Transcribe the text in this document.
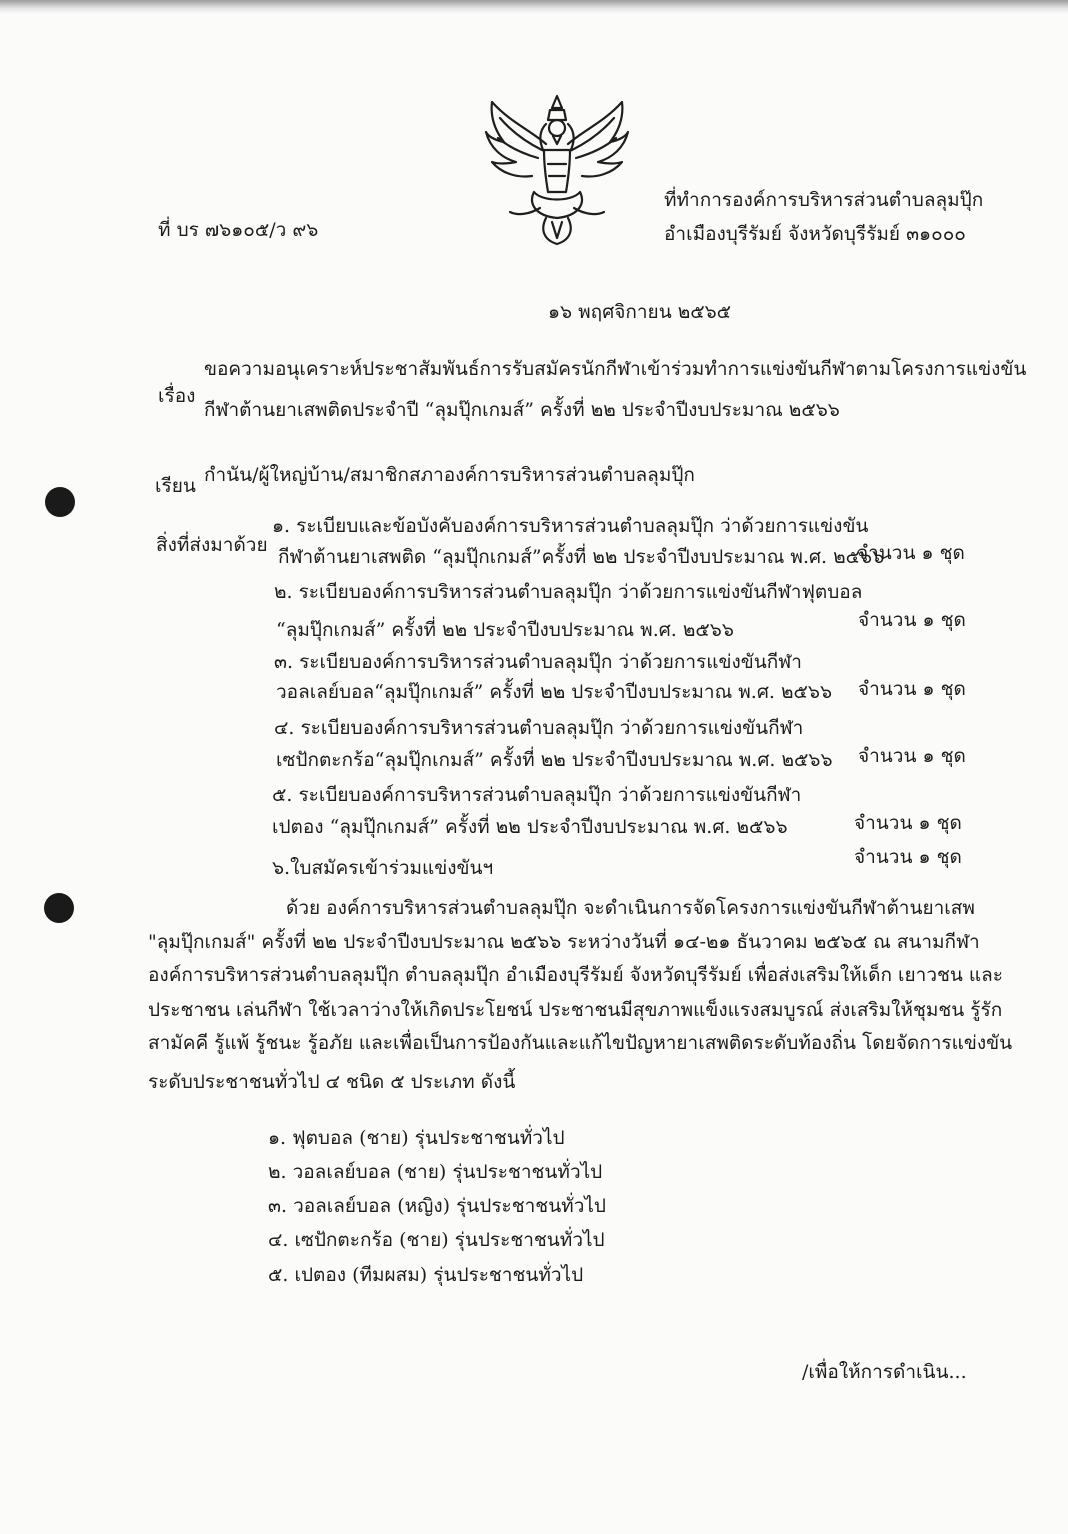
ที่ บร ๗๖๑๐๕/ว ๙๖
ที่ทำการองค์การบริหารส่วนตำบลลุมปุ๊ก
อำเมืองบุรีรัมย์ จังหวัดบุรีรัมย์ ๓๑๐๐๐
๑๖ พฤศจิกายน ๒๕๖๕
เรื่อง
ขอความอนุเคราะห์ประชาสัมพันธ์การรับสมัครนักกีฬาเข้าร่วมทำการแข่งขันกีฬาตามโครงการแข่งขัน
กีฬาต้านยาเสพติดประจำปี “ลุมปุ๊กเกมส์” ครั้งที่ ๒๒ ประจำปีงบประมาณ ๒๕๖๖
เรียน กำนัน/ผู้ใหญ่บ้าน/สมาชิกสภาองค์การบริหารส่วนตำบลลุมปุ๊ก
สิ่งที่ส่งมาด้วย
๑. ระเบียบและข้อบังคับองค์การบริหารส่วนตำบลลุมปุ๊ก ว่าด้วยการแข่งขัน
กีฬาต้านยาเสพติด “ลุมปุ๊กเกมส์”ครั้งที่ ๒๒ ประจำปีงบประมาณ พ.ศ. ๒๕๖๖
จำนวน ๑ ชุด
๒. ระเบียบองค์การบริหารส่วนตำบลลุมปุ๊ก ว่าด้วยการแข่งขันกีฬาฟุตบอล
“ลุมปุ๊กเกมส์” ครั้งที่ ๒๒ ประจำปีงบประมาณ พ.ศ. ๒๕๖๖	จำนวน ๑ ชุด
๓. ระเบียบองค์การบริหารส่วนตำบลลุมปุ๊ก ว่าด้วยการแข่งขันกีฬา
วอลเลย์บอล“ลุมปุ๊กเกมส์” ครั้งที่ ๒๒ ประจำปีงบประมาณ พ.ศ. ๒๕๖๖ จำนวน ๑ ชุด
๔. ระเบียบองค์การบริหารส่วนตำบลลุมปุ๊ก ว่าด้วยการแข่งขันกีฬา
เซปักตะกร้อ“ลุมปุ๊กเกมส์” ครั้งที่ ๒๒ ประจำปีงบประมาณ พ.ศ. ๒๕๖๖ จำนวน ๑ ชุด
๕. ระเบียบองค์การบริหารส่วนตำบลลุมปุ๊ก ว่าด้วยการแข่งขันกีฬา
เปตอง “ลุมปุ๊กเกมส์” ครั้งที่ ๒๒ ประจำปีงบประมาณ พ.ศ. ๒๕๖๖	จำนวน ๑ ชุด
๖.ใบสมัครเข้าร่วมแข่งขันฯ	จำนวน ๑ ชุด
ด้วย องค์การบริหารส่วนตำบลลุมปุ๊ก จะดำเนินการจัดโครงการแข่งขันกีฬาต้านยาเสพ
"ลุมปุ๊กเกมส์" ครั้งที่ ๒๒ ประจำปีงบประมาณ ๒๕๖๖ ระหว่างวันที่ ๑๔-๒๑ ธันวาคม ๒๕๖๕ ณ สนามกีฬา
องค์การบริหารส่วนตำบลลุมปุ๊ก ตำบลลุมปุ๊ก อำเมืองบุรีรัมย์ จังหวัดบุรีรัมย์ เพื่อส่งเสริมให้เด็ก เยาวชน และ
ประชาชน เล่นกีฬา ใช้เวลาว่างให้เกิดประโยชน์ ประชาชนมีสุขภาพแข็งแรงสมบูรณ์ ส่งเสริมให้ชุมชน รู้รัก
สามัคคี รู้แพ้ รู้ชนะ รู้อภัย และเพื่อเป็นการป้องกันและแก้ไขปัญหายาเสพติดระดับท้องถิ่น โดยจัดการแข่งขัน
ระดับประชาชนทั่วไป ๔ ชนิด ๕ ประเภท ดังนี้
๑. ฟุตบอล (ชาย) รุ่นประชาชนทั่วไป
๒. วอลเลย์บอล (ชาย) รุ่นประชาชนทั่วไป
๓. วอลเลย์บอล (หญิง) รุ่นประชาชนทั่วไป
๔. เซปักตะกร้อ (ชาย) รุ่นประชาชนทั่วไป
๕. เปตอง (ทีมผสม) รุ่นประชาชนทั่วไป
/เพื่อให้การดำเนิน...
